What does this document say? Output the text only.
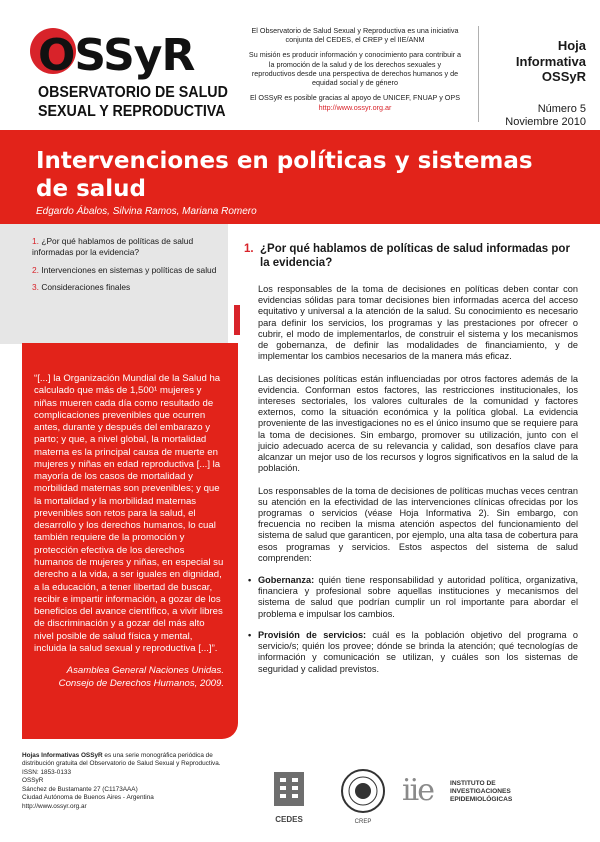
OSSyR
OBSERVATORIO DE SALUD
SEXUAL Y REPRODUCTIVA

El Observatorio de Salud Sexual y Reproductiva es una iniciativa conjunta del CEDES, el CREP y el IIE/ANM

Su misión es producir información y conocimiento para contribuir a la promoción de la salud y de los derechos sexuales y reproductivos desde una perspectiva de derechos humanos y de equidad social y de género

El OSSyR es posible gracias al apoyo de UNICEF, FNUAP y OPS

http://www.ossyr.org.ar

Hoja
Informativa
OSSyR
Número 5
Noviembre 2010
Intervenciones en políticas y sistemas de salud
Edgardo Ábalos, Silvina Ramos, Mariana Romero
1. ¿Por qué hablamos de políticas de salud informadas por la evidencia?
2. Intervenciones en sistemas y políticas de salud
3. Consideraciones finales
“[...] la Organización Mundial de la Salud ha calculado que más de 1,500¹ mujeres y niñas mueren cada día como resultado de complicaciones prevenibles que ocurren antes, durante y después del embarazo y parto; y que, a nivel global, la mortalidad materna es la principal causa de muerte en mujeres y niñas en edad reproductiva [...] la mayoría de los casos de mortalidad y morbilidad maternas son prevenibles; y que la mortalidad y la morbilidad maternas prevenibles son retos para la salud, el desarrollo y los derechos humanos, lo cual también requiere de la promoción y protección efectiva de los derechos humanos de mujeres y niñas, en especial su derecho a la vida, a ser iguales en dignidad, a la educación, a tener libertad de buscar, recibir e impartir información, a gozar de los beneficios del avance científico, a vivir libres de discriminación y a gozar del más alto nivel posible de salud física y mental, incluida la salud sexual y reproductiva [...]”.
Asamblea General Naciones Unidas.
Consejo de Derechos Humanos, 2009.
Hojas Informativas OSSyR es una serie monográfica periódica de distribución gratuita del Observatorio de Salud Sexual y Reproductiva.
ISSN: 1853-0133
OSSyR
Sánchez de Bustamante 27 (C1173AAA)
Ciudad Autónoma de Buenos Aires - Argentina
http://www.ossyr.org.ar
1. ¿Por qué hablamos de políticas de salud informadas por la evidencia?

Los responsables de la toma de decisiones en políticas deben contar con evidencias sólidas para tomar decisiones bien informadas acerca del acceso equitativo y universal a la atención de la salud. Su conocimiento es necesario para definir los servicios, los programas y las prestaciones por ofrecer o cubrir, el modo de implementarlos, de construir el sistema y los mecanismos de gobernanza, de definir las modalidades de financiamiento, y de implementar los cambios necesarios de la manera más eficaz.

Las decisiones políticas están influenciadas por otros factores además de la evidencia. Conforman estos factores, las restricciones institucionales, los intereses sectoriales, los valores culturales de la comunidad y factores externos, como la situación económica y la política global. La evidencia proveniente de las investigaciones no es el único insumo que se requiere para la toma de decisiones. Sin embargo, promover su utilización, junto con el juicio adecuado acerca de su relevancia y calidad, son desafíos clave para alcanzar un mejor uso de los recursos y logros significativos en la salud de la población.

Los responsables de la toma de decisiones de políticas muchas veces centran su atención en la efectividad de las intervenciones clínicas ofrecidas por los programas o servicios (véase Hoja Informativa 2). Sin embargo, con frecuencia no reciben la misma atención aspectos del funcionamiento del sistema de salud que garanticen, por ejemplo, una alta tasa de cobertura para esos programas y servicios. Estos aspectos del sistema de salud comprenden:

• Gobernanza: quién tiene responsabilidad y autoridad política, organizativa, financiera y profesional sobre aquellas instituciones y mecanismos del sistema de salud que podrían cumplir un rol importante para abordar el problema e impulsar los cambios.
• Provisión de servicios: cuál es la población objetivo del programa o servicio/s; quién los provee; dónde se brinda la atención; qué tecnologías de información y comunicación se utilizan, y cuáles son los sistemas de seguridad y calidad previstos.
CEDES	CREP
iie	INSTITUTO DE
INVESTIGACIONES
EPIDEMIOLÓGICAS
